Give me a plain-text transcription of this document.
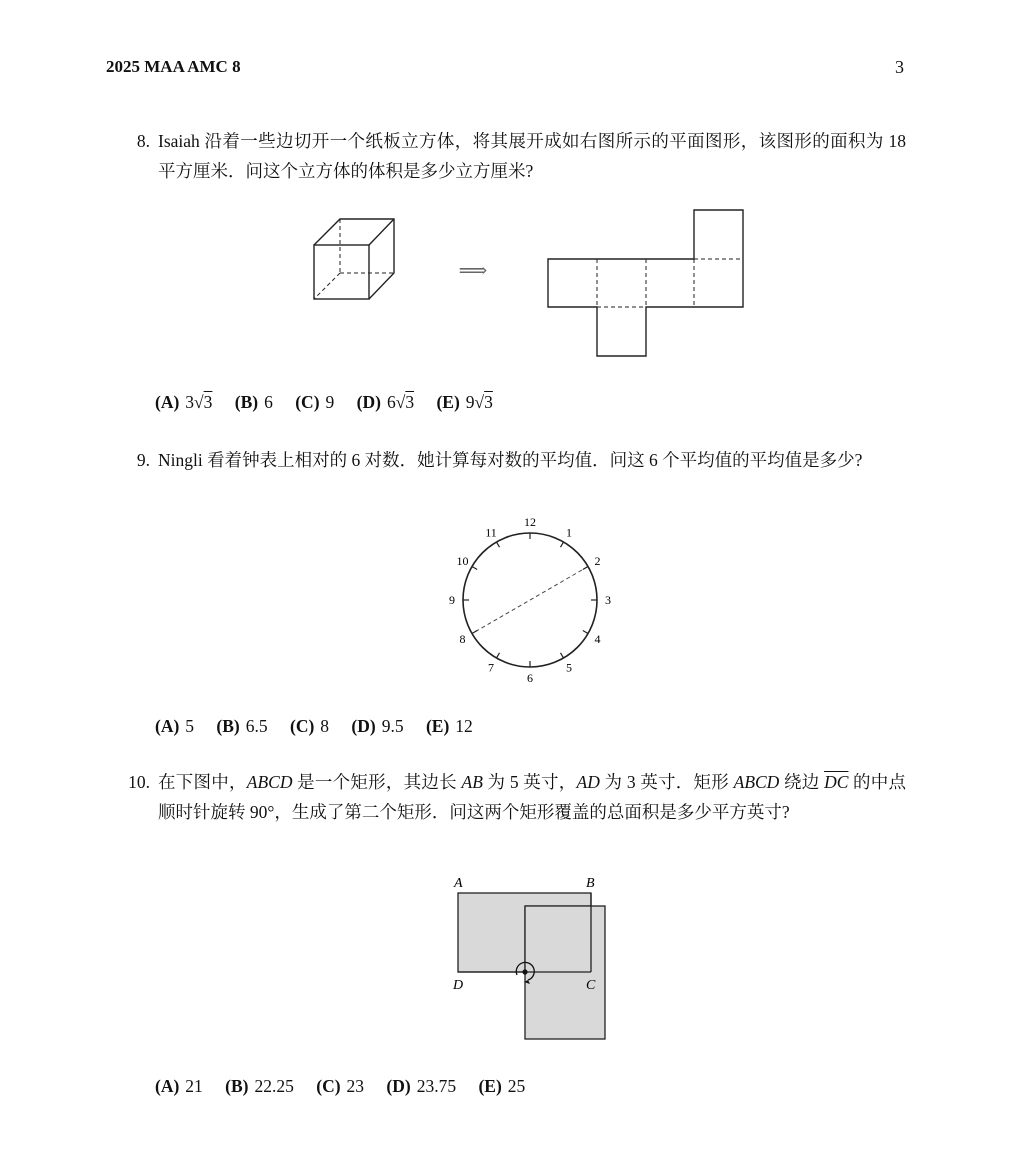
2025 MAA AMC 8	3
8. Isaiah 沿着一些边切开一个纸板立方体，将其展开成如右图所示的平面图形，该图形的面积为 18 平方厘米．问这个立方体的体积是多少立方厘米?
⟹
(A) 3√3 (B) 6 (C) 9 (D) 6√3 (E) 9√3
9. Ningli 看着钟表上相对的 6 对数．她计算每对数的平均值．问这 6 个平均值的平均值是多少?
12
1
2
3
4
5
6
7
8
9
10
11
(A) 5 (B) 6.5 (C) 8 (D) 9.5 (E) 12
10. 在下图中，ABCD 是一个矩形，其边长 AB 为 5 英寸，AD 为 3 英寸．矩形 ABCD 绕边 $\overline{DC}$ 的中点顺时针旋转 90°，生成了第二个矩形．问这两个矩形覆盖的总面积是多少平方英寸?
A	B
C
D
(A) 21 (B) 22.25 (C) 23 (D) 23.75 (E) 25
